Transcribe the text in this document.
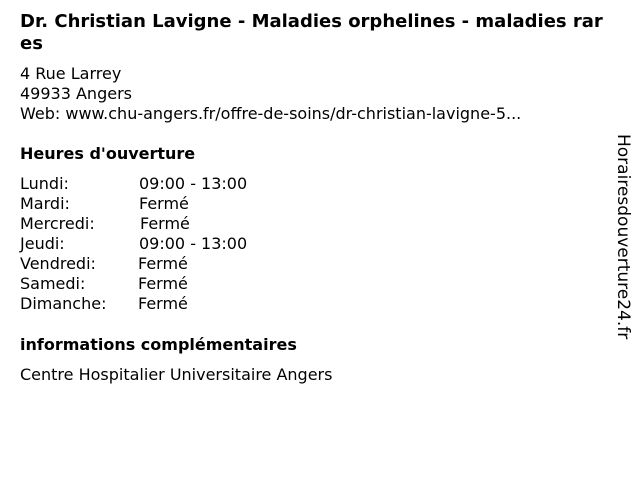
Dr. Christian Lavigne - Maladies orphelines - maladies rares
4 Rue Larrey
49933 Angers
Web: www.chu-angers.fr/offre-de-soins/dr-christian-lavigne-5...
Heures d'ouverture
Lundi:	09:00 - 13:00
Mardi:	Fermé
Mercredi:	Fermé
Jeudi:	09:00 - 13:00
Vendredi:	Fermé
Samedi:	Fermé
Dimanche: Fermé
informations complémentaires
Centre Hospitalier Universitaire Angers
Horairesdouverture24.fr
